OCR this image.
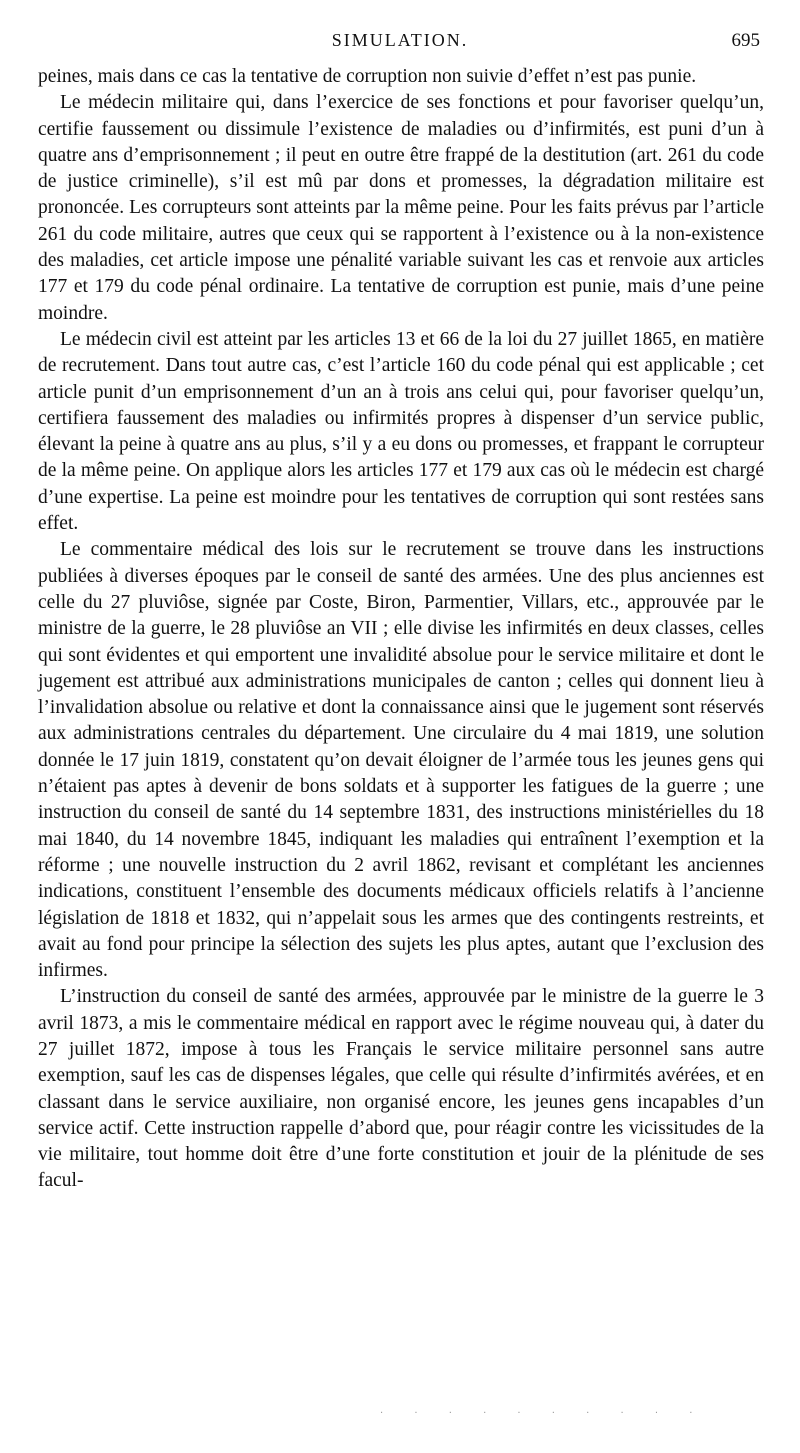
SIMULATION.	695

peines, mais dans ce cas la tentative de corruption non suivie d’effet n’est pas punie.

Le médecin militaire qui, dans l’exercice de ses fonctions et pour favoriser quelqu’un, certifie faussement ou dissimule l’existence de maladies ou d’infirmités, est puni d’un à quatre ans d’emprisonnement ; il peut en outre être frappé de la destitution (art. 261 du code de justice criminelle), s’il est mû par dons et promesses, la dégradation militaire est prononcée. Les corrupteurs sont atteints par la même peine. Pour les faits prévus par l’article 261 du code militaire, autres que ceux qui se rapportent à l’existence ou à la non-existence des maladies, cet article impose une pénalité variable suivant les cas et renvoie aux articles 177 et 179 du code pénal ordinaire. La tentative de corruption est punie, mais d’une peine moindre.

Le médecin civil est atteint par les articles 13 et 66 de la loi du 27 juillet 1865, en matière de recrutement. Dans tout autre cas, c’est l’article 160 du code pénal qui est applicable ; cet article punit d’un emprisonnement d’un an à trois ans celui qui, pour favoriser quelqu’un, certifiera faussement des maladies ou infirmités propres à dispenser d’un service public, élevant la peine à quatre ans au plus, s’il y a eu dons ou promesses, et frappant le corrupteur de la même peine. On applique alors les articles 177 et 179 aux cas où le médecin est chargé d’une expertise. La peine est moindre pour les tentatives de corruption qui sont restées sans effet.

Le commentaire médical des lois sur le recrutement se trouve dans les instructions publiées à diverses époques par le conseil de santé des armées. Une des plus anciennes est celle du 27 pluviôse, signée par Coste, Biron, Parmentier, Villars, etc., approuvée par le ministre de la guerre, le 28 pluviôse an VII ; elle divise les infirmités en deux classes, celles qui sont évidentes et qui emportent une invalidité absolue pour le service militaire et dont le jugement est attribué aux administrations municipales de canton ; celles qui donnent lieu à l’invalidation absolue ou relative et dont la connaissance ainsi que le jugement sont réservés aux administrations centrales du département. Une circulaire du 4 mai 1819, une solution donnée le 17 juin 1819, constatent qu’on devait éloigner de l’armée tous les jeunes gens qui n’étaient pas aptes à devenir de bons soldats et à supporter les fatigues de la guerre ; une instruction du conseil de santé du 14 septembre 1831, des instructions ministérielles du 18 mai 1840, du 14 novembre 1845, indiquant les maladies qui entraînent l’exemption et la réforme ; une nouvelle instruction du 2 avril 1862, revisant et complétant les anciennes indications, constituent l’ensemble des documents médicaux officiels relatifs à l’ancienne législation de 1818 et 1832, qui n’appelait sous les armes que des contingents restreints, et avait au fond pour principe la sélection des sujets les plus aptes, autant que l’exclusion des infirmes.

L’instruction du conseil de santé des armées, approuvée par le ministre de la guerre le 3 avril 1873, a mis le commentaire médical en rapport avec le régime nouveau qui, à dater du 27 juillet 1872, impose à tous les Français le service militaire personnel sans autre exemption, sauf les cas de dispenses légales, que celle qui résulte d’infirmités avérées, et en classant dans le service auxiliaire, non organisé encore, les jeunes gens incapables d’un service actif. Cette instruction rappelle d’abord que, pour réagir contre les vicissitudes de la vie militaire, tout homme doit être d’une forte constitution et jouir de la plénitude de ses facul-

· · · · · · · · · ·
